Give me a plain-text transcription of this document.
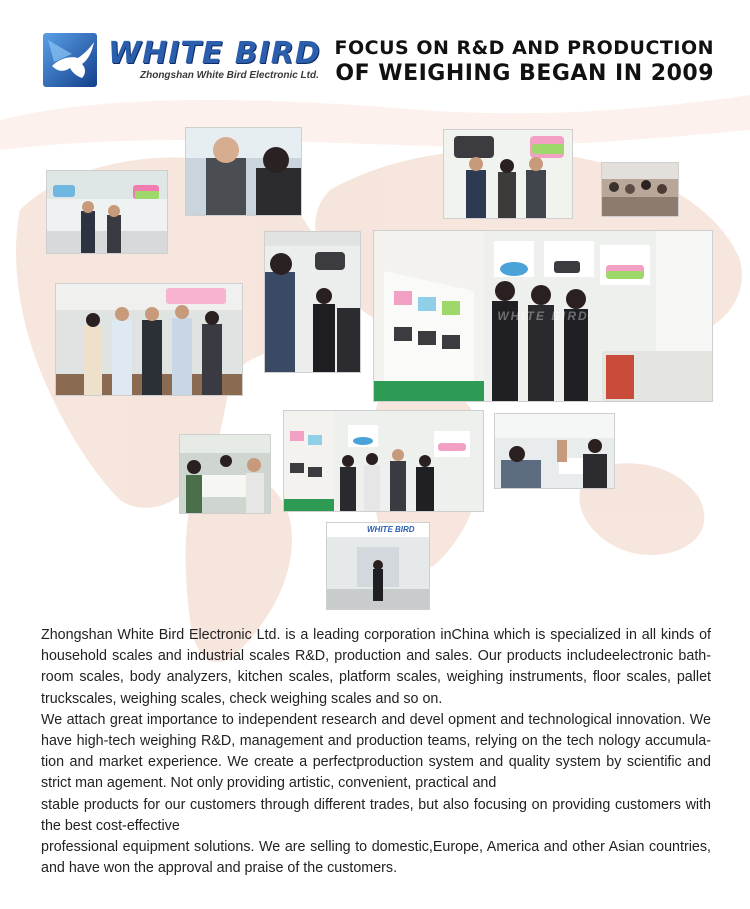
WHITE BIRD
Zhongshan White Bird Electronic Ltd.
FOCUS ON R&D AND PRODUCTION
OF WEIGHING BEGAN IN 2009
WHITE BIRD
WHITE BIRD

Zhongshan White Bird Electronic Ltd. is a leading corporation inChina which is specialized in all kinds of household scales and industrial scales R&D, production and sales. Our products includeelectronic bath-room scales, body analyzers, kitchen scales, platform scales, weighing instruments, floor scales, pallet truckscales, weighing scales, check weighing scales and so on.

We attach great importance to independent research and devel opment and technological innovation. We have high-tech weighing R&D, management and production teams, relying on the tech nology accumula-tion and market experience. We create a perfectproduction system and quality system by scientific and strict man agement. Not only providing artistic, convenient, practical and

stable products for our customers through different trades, but also focusing on providing customers with the best cost-effective

professional equipment solutions. We are selling to domestic,Europe, America and other Asian countries, and have won the approval and praise of the customers.
